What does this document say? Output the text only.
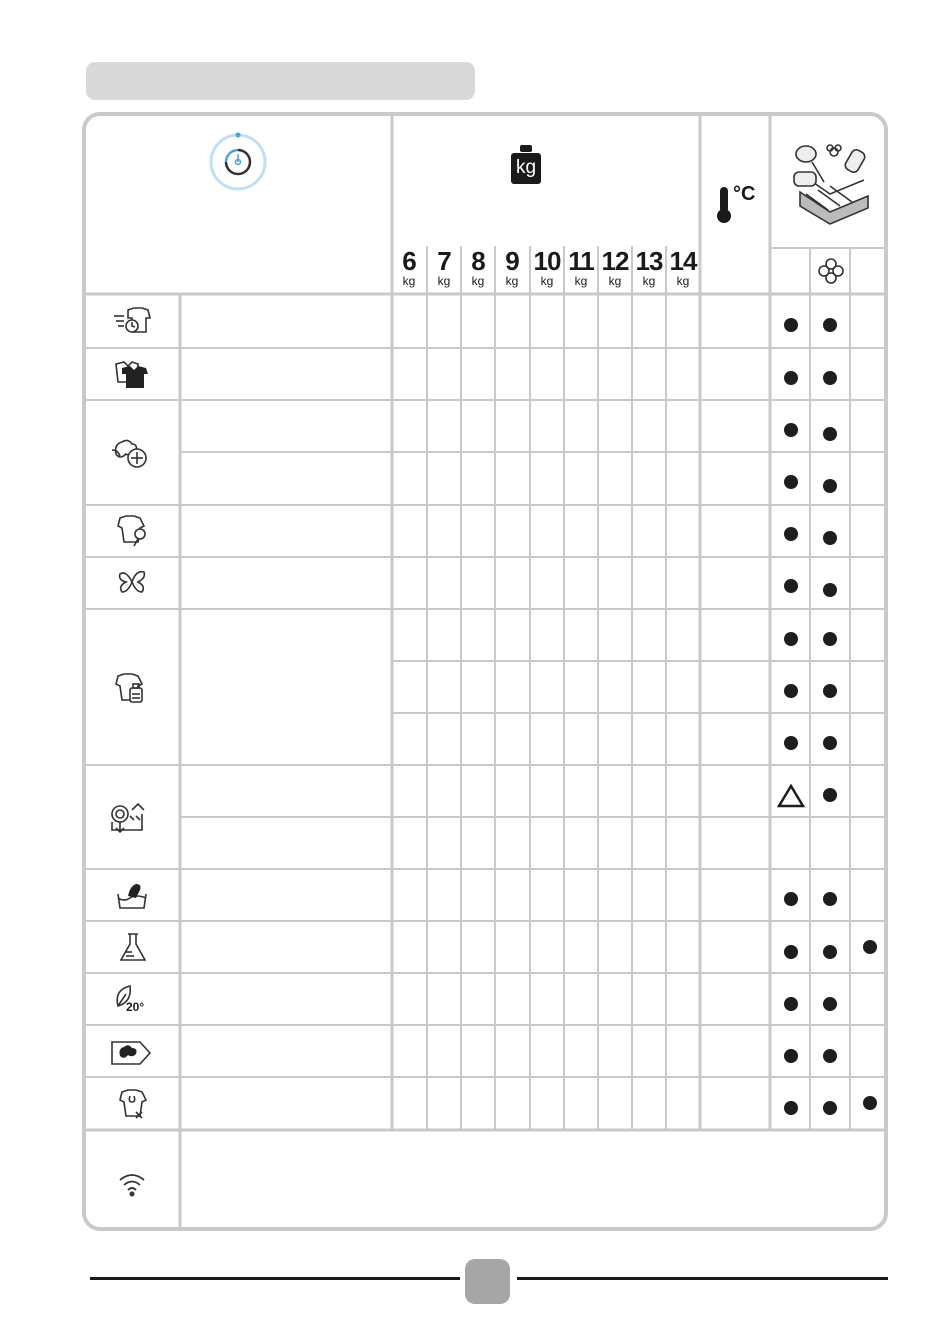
kg
°C
6
kg
7
kg
8
kg
9
kg
10
kg
11
kg
12
kg
13
kg
14
kg
20°
